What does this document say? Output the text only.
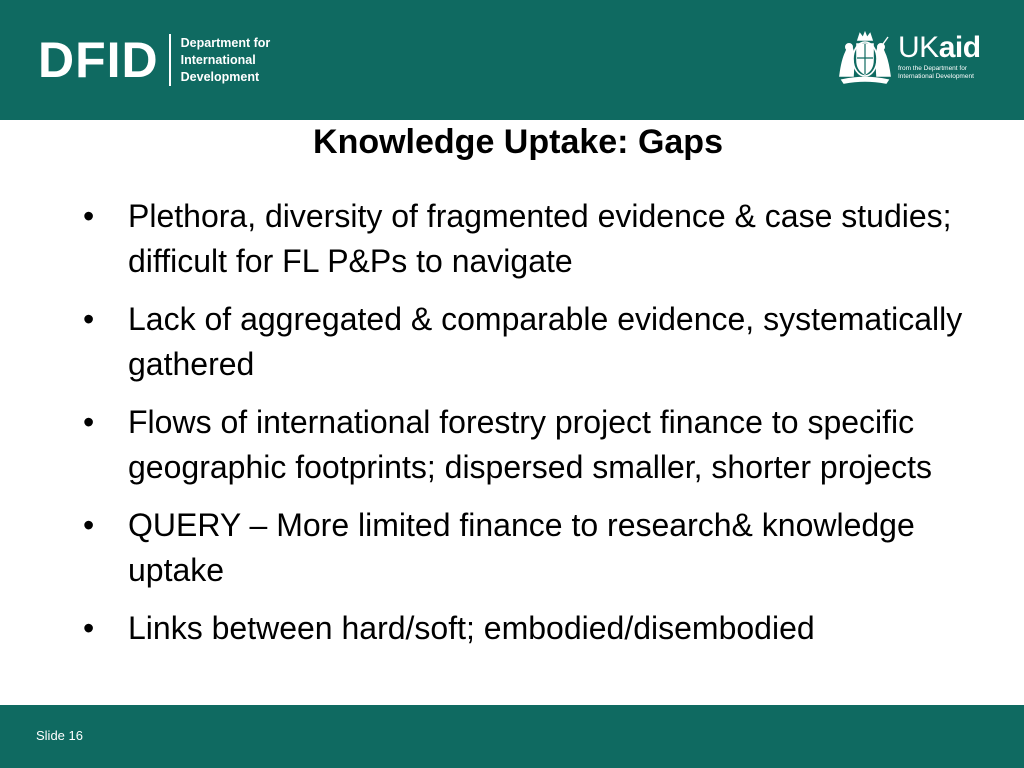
DFID Department for
International
Development
UKaid
from the Department for
International Development
Knowledge Uptake: Gaps
• Plethora, diversity of fragmented evidence & case studies; difficult for FL P&Ps to navigate
• Lack of aggregated & comparable evidence, systematically gathered
• Flows of international forestry project finance to specific geographic footprints; dispersed smaller, shorter projects
• QUERY – More limited finance to research& knowledge uptake
• Links between hard/soft; embodied/disembodied
Slide 16
